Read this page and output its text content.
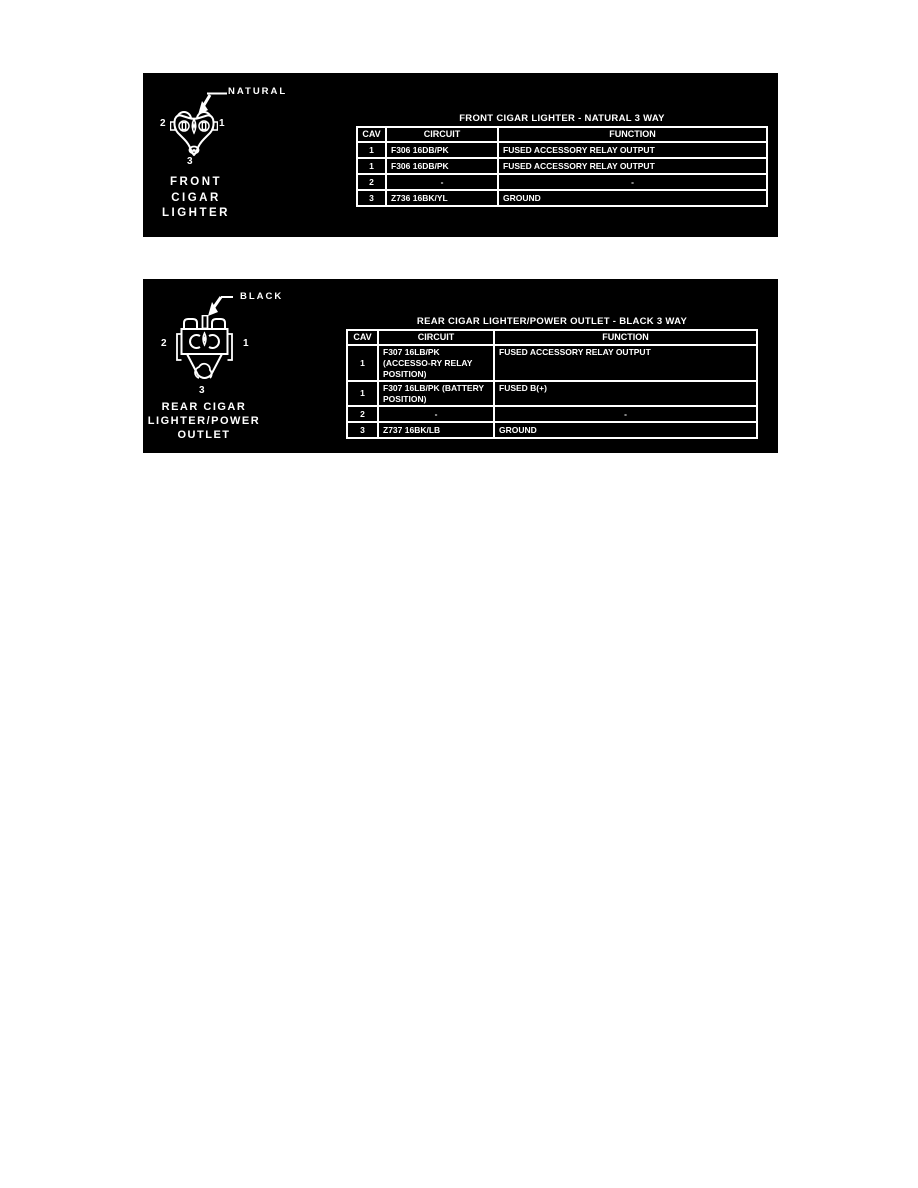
NATURAL
2	1
3
FRONT
CIGAR
LIGHTER
FRONT CIGAR LIGHTER - NATURAL 3 WAY
CAV	CIRCUIT	FUNCTION
1	F306 16DB/PK	FUSED ACCESSORY RELAY OUTPUT
1	F306 16DB/PK	FUSED ACCESSORY RELAY OUTPUT
2	-	-
3	Z736 16BK/YL	GROUND
BLACK
2	1
3
REAR CIGAR
LIGHTER/POWER
OUTLET
REAR CIGAR LIGHTER/POWER OUTLET - BLACK 3 WAY
CAV	CIRCUIT	FUNCTION
1	F307 16LB/PK (ACCESSO-RY RELAY POSITION)	FUSED ACCESSORY RELAY OUTPUT
1	F307 16LB/PK (BATTERY POSITION)	FUSED B(+)
2	-	-
3	Z737 16BK/LB	GROUND
